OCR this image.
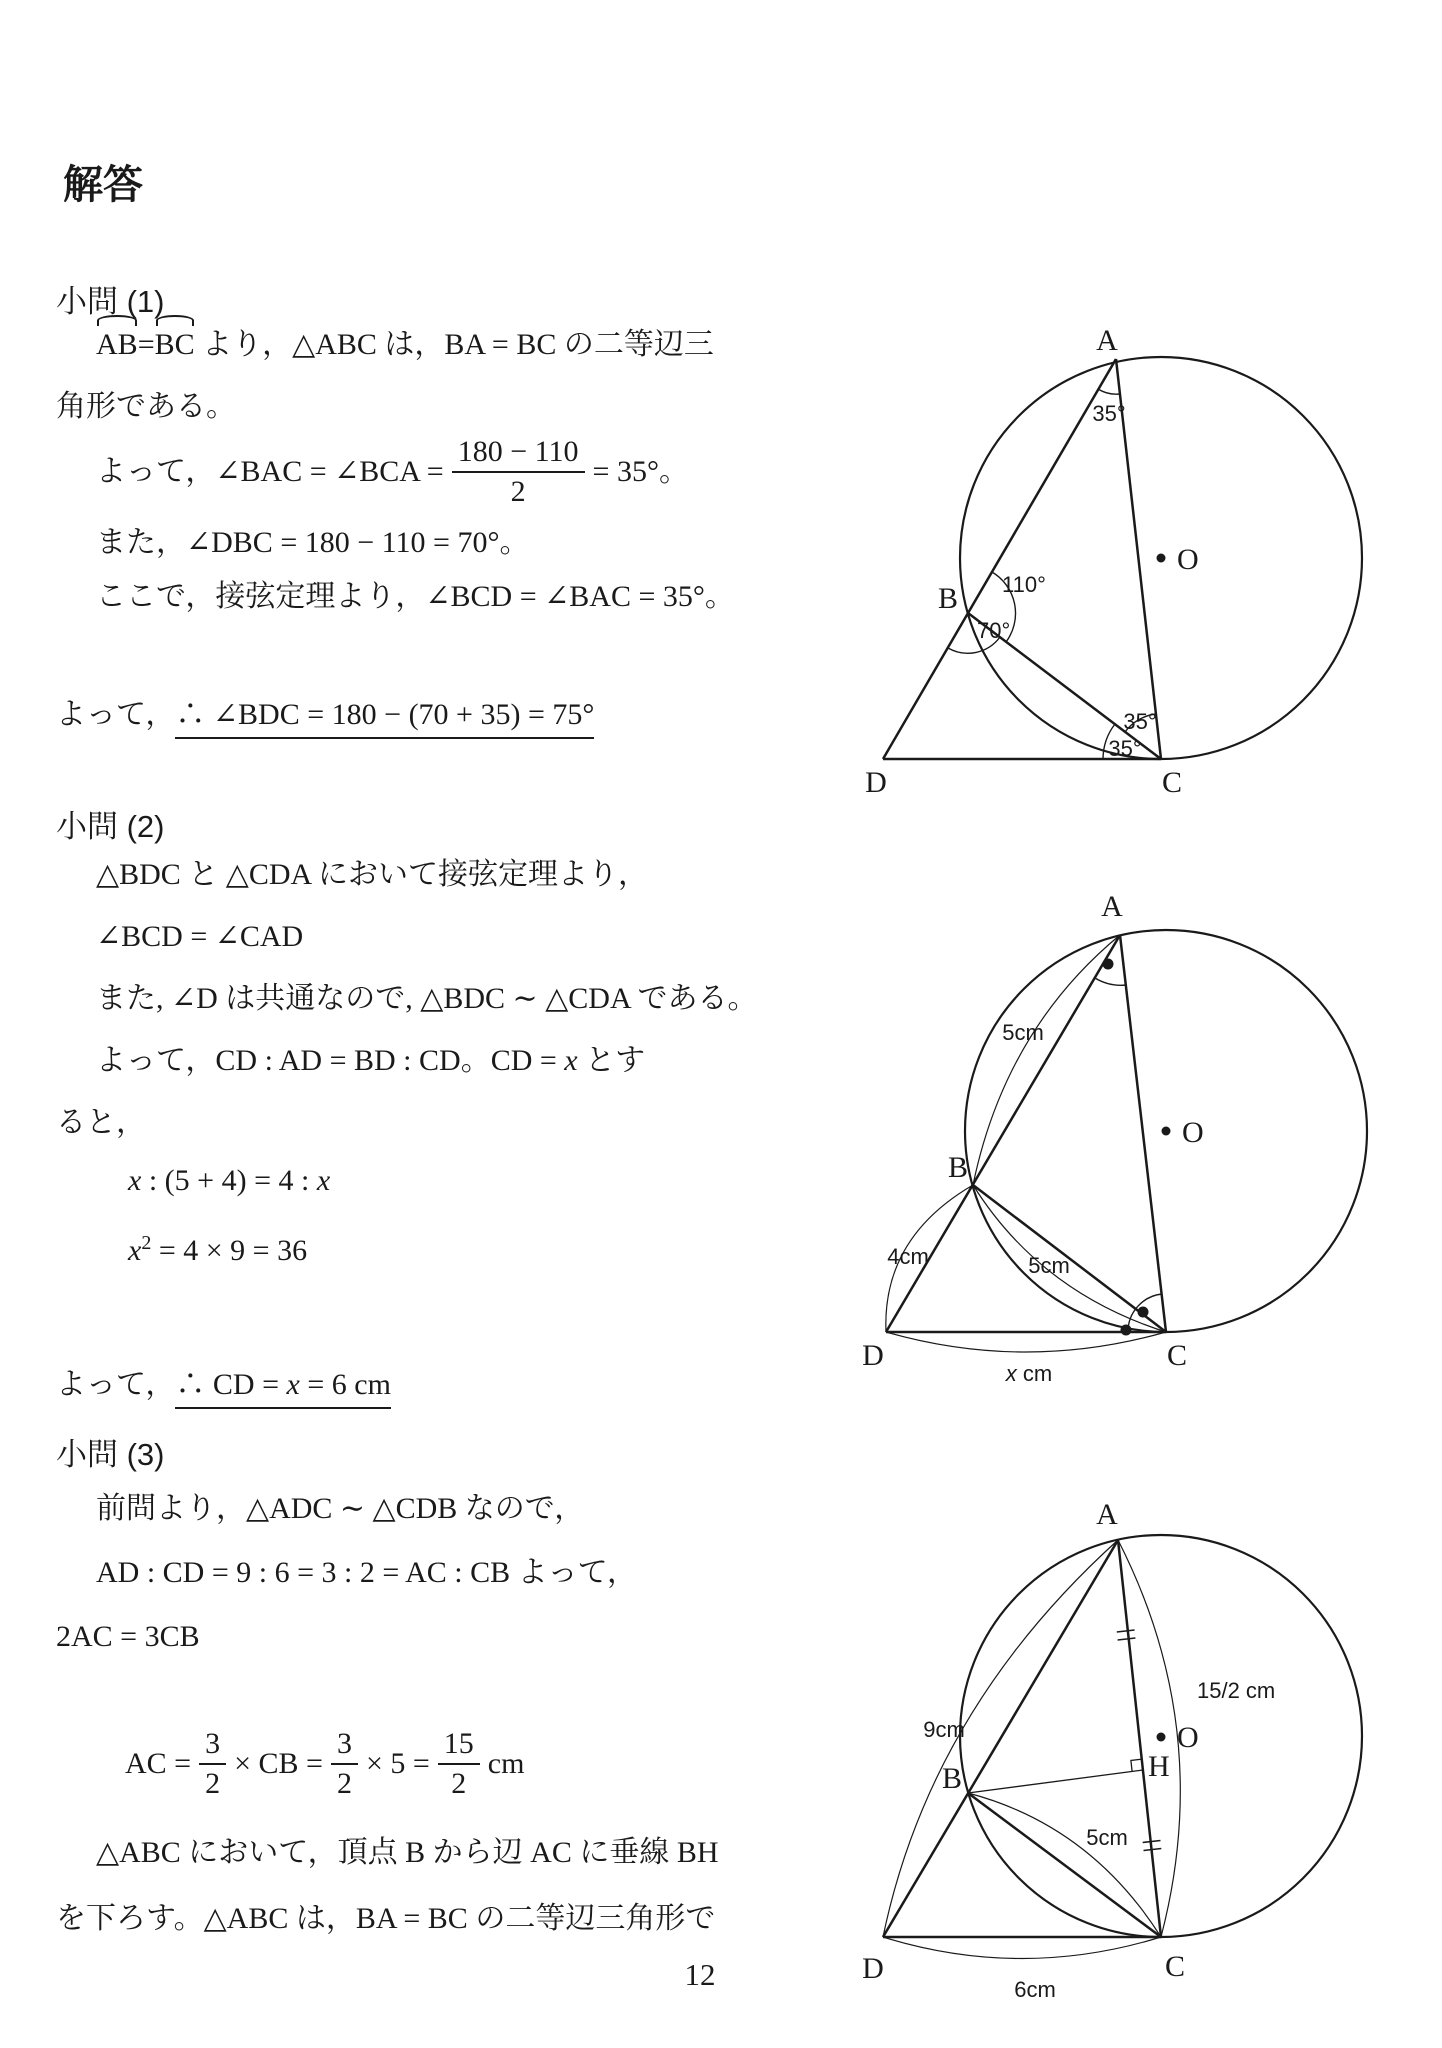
解答
小問 (1)
AB=BC より，△ABC は，BA = BC の二等辺三
角形である。
よって，∠BAC = ∠BCA = $\frac{180 - 110}{2} = 35^\circ$。
また，∠DBC = 180 − 110 = 70°。
ここで，接弦定理より，∠BCD = ∠BAC = 35°。
よって，∴ ∠BDC = 180 − (70 + 35) = 75°
小問 (2)
△BDC と △CDA において接弦定理より，
∠BCD = ∠CAD
また, ∠D は共通なので, △BDC ∼ △CDA である。
よって，CD : AD = BD : CD。CD = x とす
ると，
x : (5 + 4) = 4 : x
$x^2 = 4 \times 9 = 36$
よって，∴ CD = x = 6 cm
小問 (3)
前問より，△ADC ∼ △CDB なので，
AD : CD = 9 : 6 = 3 : 2 = AC : CB よって，
2AC = 3CB
AC = $\frac{3}{2}$ × CB = $\frac{3}{2} \times 5 = \frac{15}{2}$ cm
△ABC において，頂点 B から辺 AC に垂線 BH
を下ろす。△ABC は，BA = BC の二等辺三角形で
12
A
B
C
D
O
35°
110°
70°
35°
35°
A
B
C
D
O
5cm
4cm	5cm
x cm
A
B
C
D
O
H
9cm
15/2 cm
5cm
6cm
